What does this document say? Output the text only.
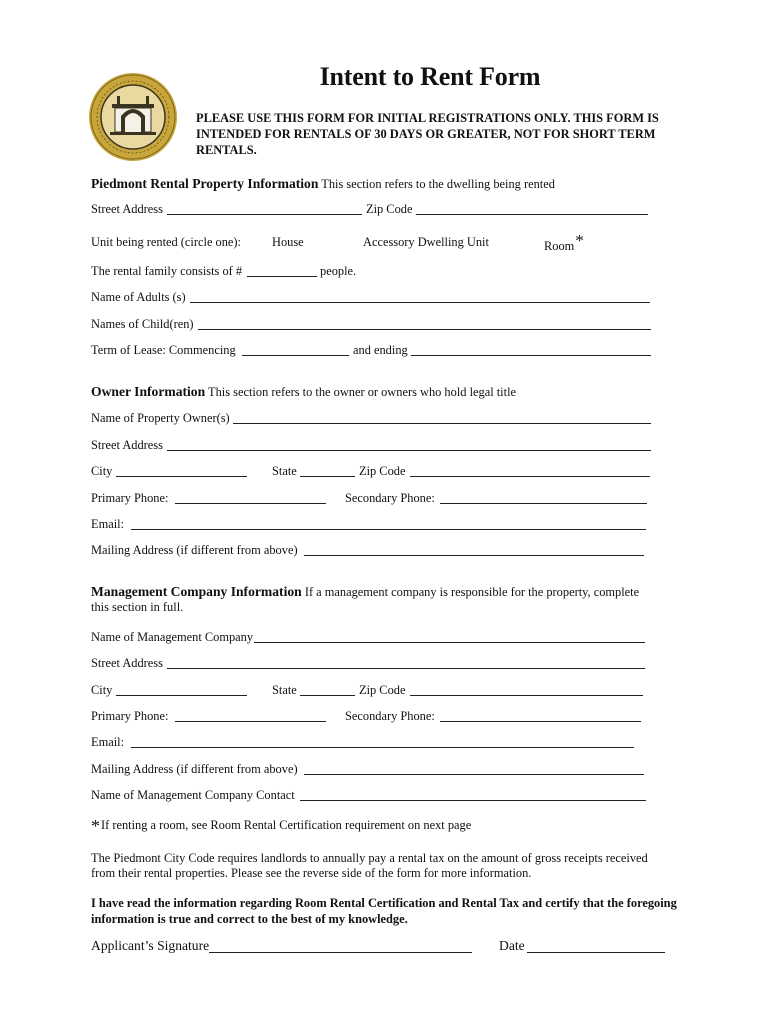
Intent to Rent Form
PLEASE USE THIS FORM FOR INITIAL REGISTRATIONS ONLY. THIS FORM IS INTENDED FOR RENTALS OF 30 DAYS OR GREATER, NOT FOR SHORT TERM RENTALS.
Piedmont Rental Property Information This section refers to the dwelling being rented
Street Address	Zip Code
Unit being rented (circle one): House	Accessory Dwelling Unit	Room*
The rental family consists of #	people.
Name of Adults (s)
Names of Child(ren)
Term of Lease: Commencing	and ending
Owner Information This section refers to the owner or owners who hold legal title
Name of Property Owner(s)
Street Address
City	State	Zip Code
Primary Phone:	Secondary Phone:
Email:
Mailing Address (if different from above)
Management Company Information If a management company is responsible for the property, complete this section in full.
Name of Management Company
Street Address
City	State	Zip Code
Primary Phone:	Secondary Phone:
Email:
Mailing Address (if different from above)
Name of Management Company Contact
*If renting a room, see Room Rental Certification requirement on next page
The Piedmont City Code requires landlords to annually pay a rental tax on the amount of gross receipts received from their rental properties. Please see the reverse side of the form for more information.
I have read the information regarding Room Rental Certification and Rental Tax and certify that the foregoing information is true and correct to the best of my knowledge.
Applicant’s Signature	Date
